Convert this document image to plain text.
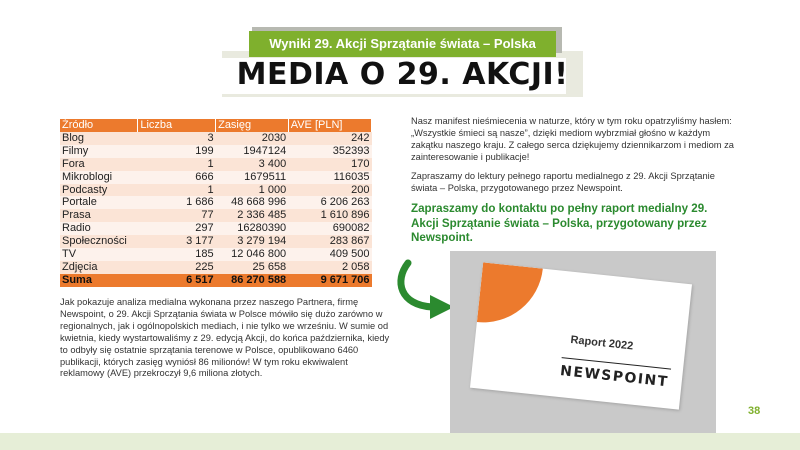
MEDIA O 29. AKCJI!
Wyniki 29. Akcji Sprzątanie świata – Polska
Źródło	Liczba	Zasięg	AVE [PLN]
Blog	3	2030	242
Filmy	199	1947124	352393
Fora	1	3 400	170
Mikroblogi	666	1679511	116035
Podcasty	1	1 000	200
Portale	1 686	48 668 996	6 206 263
Prasa	77	2 336 485	1 610 896
Radio	297	16280390	690082
Społeczności	3 177	3 279 194	283 867
TV	185	12 046 800	409 500
Zdjęcia	225	25 658	2 058
Suma	6 517	86 270 588	9 671 706

Jak pokazuje analiza medialna wykonana przez naszego Partnera, firmę Newspoint, o 29. Akcji Sprzątania świata w Polsce mówiło się dużo zarówno w regionalnych, jak i ogólnopolskich mediach, i nie tylko we wrześniu. W sumie od kwietnia, kiedy wystartowaliśmy z 29. edycją Akcji, do końca października, kiedy to odbyły się ostatnie sprzątania terenowe w Polsce, opublikowano 6460 publikacji, których zasięg wyniósł 86 milionów! W tym roku ekwiwalent reklamowy (AVE) przekroczył 9,6 miliona złotych.

Nasz manifest nieśmiecenia w naturze, który w tym roku opatrzyliśmy hasłem: „Wszystkie śmieci są nasze”, dzięki mediom wybrzmiał głośno w każdym zakątku naszego kraju. Z całego serca dziękujemy dziennikarzom i mediom za zainteresowanie i publikacje!

Zapraszamy do lektury pełnego raportu medialnego z 29. Akcji Sprzątanie świata – Polska, przygotowanego przez Newspoint.

Zapraszamy do kontaktu po pełny raport medialny 29. Akcji Sprzątanie świata – Polska, przygotowany przez Newspoint.
Raport 2022
NEWSPOINT
38
